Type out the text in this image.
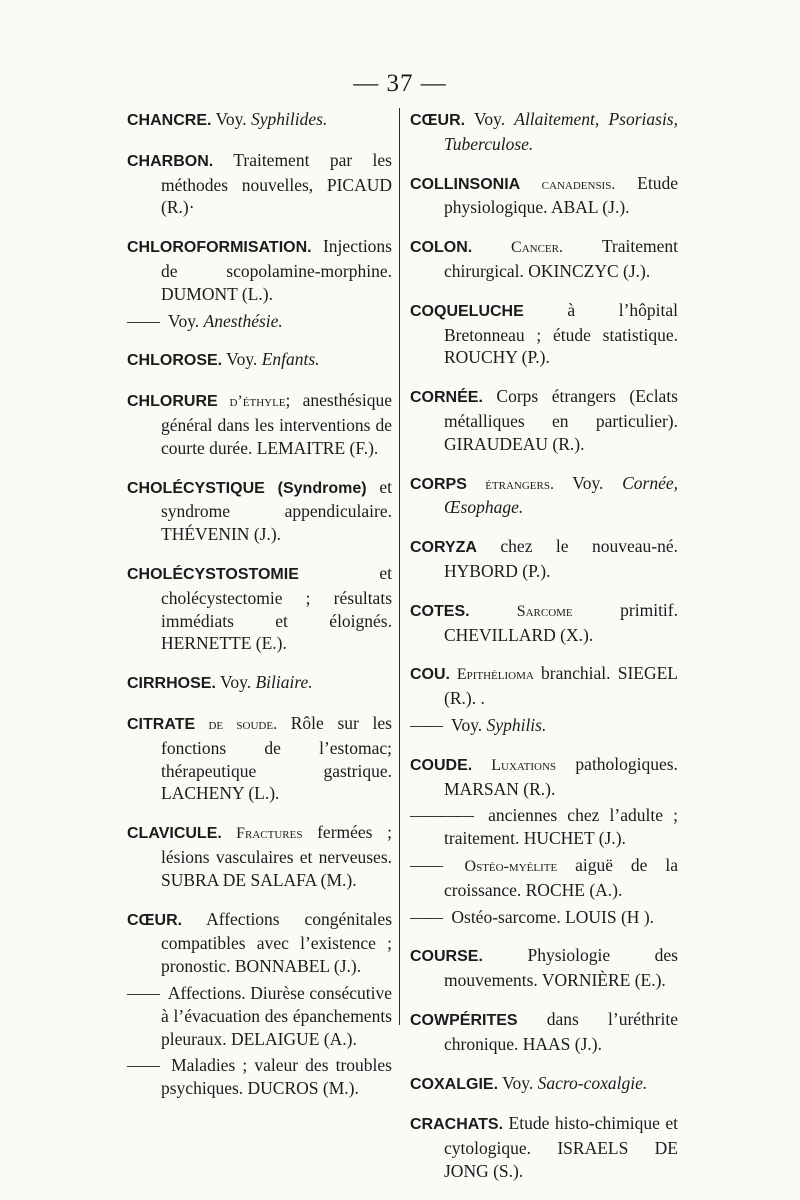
— 37 —
CHANCRE. Voy. Syphilides.
CHARBON. Traitement par les méthodes nouvelles, PICAUD (R.)·
CHLOROFORMISATION. Injections de scopolamine-morphine. DUMONT (L.).
—— Voy. Anesthésie.
CHLOROSE. Voy. Enfants.
CHLORURE d’éthyle; anesthésique général dans les interventions de courte durée. LEMAITRE (F.).
CHOLÉCYSTIQUE (Syndrome) et syndrome appendiculaire. THÉVENIN (J.).
CHOLÉCYSTOSTOMIE et cholécystectomie ; résultats immédiats et éloignés. HERNETTE (E.).
CIRRHOSE. Voy. Biliaire.
CITRATE de soude. Rôle sur les fonctions de l’estomac; thérapeutique gastrique. LACHENY (L.).
CLAVICULE. Fractures fermées ; lésions vasculaires et nerveuses. SUBRA DE SALAFA (M.).
CŒUR. Affections congénitales compatibles avec l’existence ; pronostic. BONNABEL (J.).
—— Affections. Diurèse consécutive à l’évacuation des épanchements pleuraux. DELAIGUE (A.).
—— Maladies ; valeur des troubles psychiques. DUCROS (M.).
CŒUR. Voy. Allaitement, Psoriasis, Tuberculose.
COLLINSONIA canadensis. Etude physiologique. ABAL (J.).
COLON. Cancer. Traitement chirurgical. OKINCZYC (J.).
COQUELUCHE à l’hôpital Bretonneau ; étude statistique. ROUCHY (P.).
CORNÉE. Corps étrangers (Eclats métalliques en particulier). GIRAUDEAU (R.).
CORPS étrangers. Voy. Cornée, Œsophage.
CORYZA chez le nouveau-né. HYBORD (P.).
COTES. Sarcome primitif. CHEVILLARD (X.).
COU. Epithélioma branchial. SIEGEL (R.). .
—— Voy. Syphilis.
COUDE. Luxations pathologiques. MARSAN (R.).
———— anciennes chez l’adulte ; traitement. HUCHET (J.).
—— Ostéo-myélite aiguë de la croissance. ROCHE (A.).
—— Ostéo-sarcome. LOUIS (H ).
COURSE. Physiologie des mouvements. VORNIÈRE (E.).
COWPÉRITES dans l’uréthrite chronique. HAAS (J.).
COXALGIE. Voy. Sacro-coxalgie.
CRACHATS. Etude histo-chimique et cytologique. ISRAELS DE JONG (S.).
